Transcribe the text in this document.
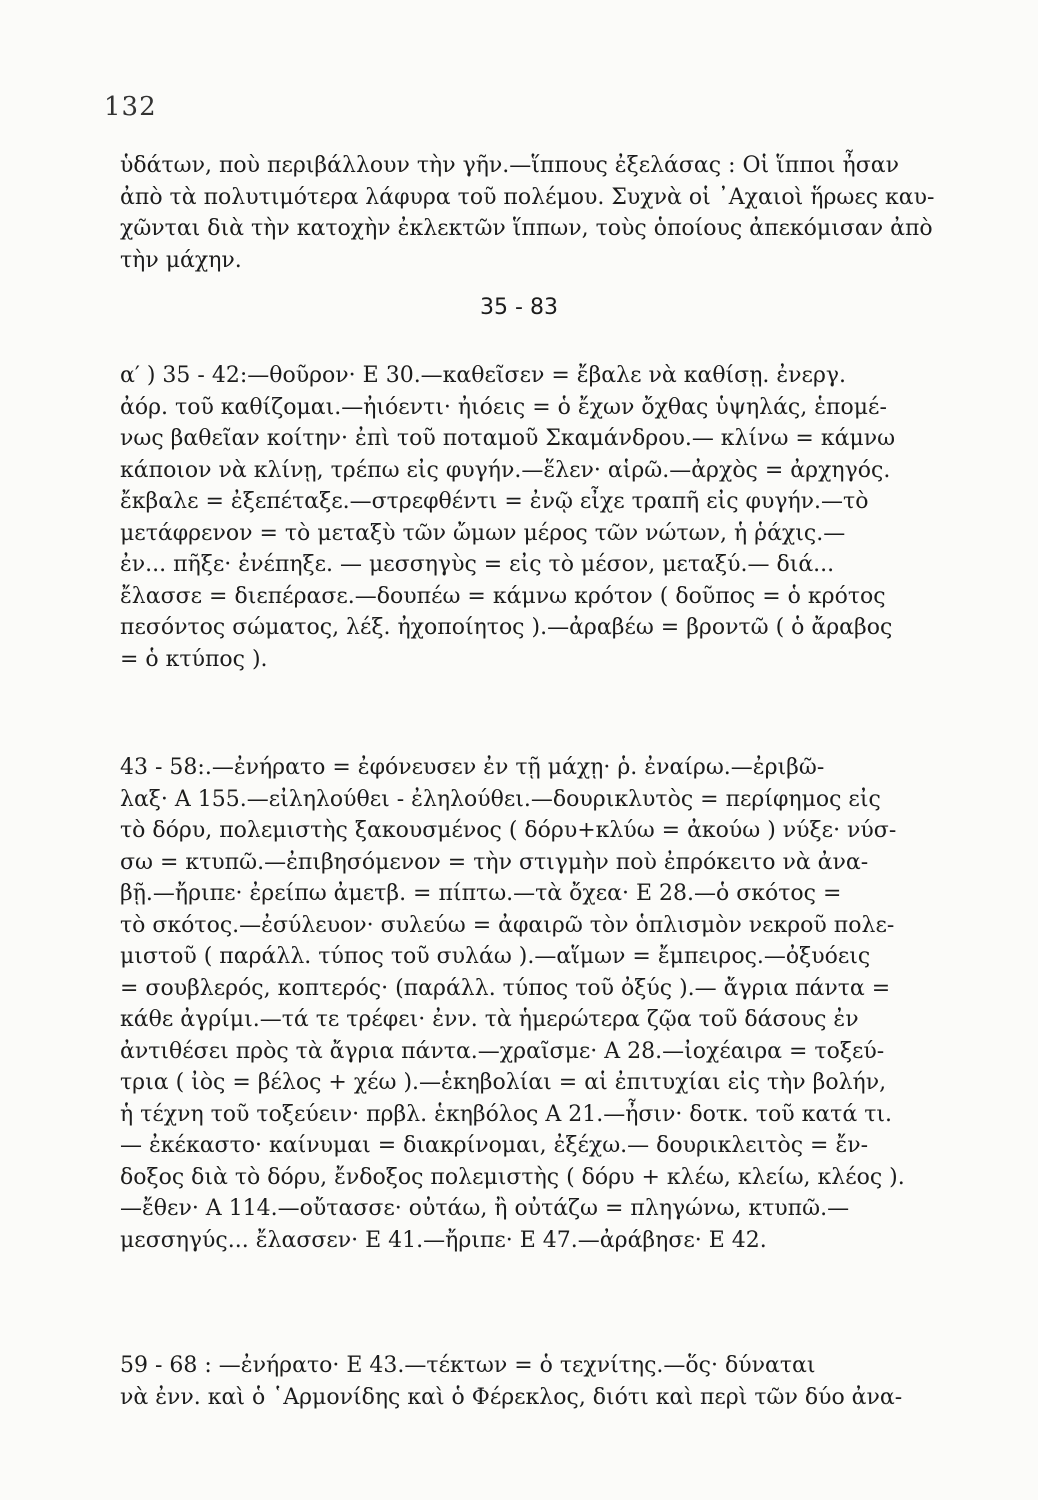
132
ὑδάτων, ποὺ περιβάλλουν τὴν γῆν.—ἵππους ἐξελάσας : Οἱ ἵπποι ἦσαν
ἀπὸ τὰ πολυτιμότερα λάφυρα τοῦ πολέμου. Συχνὰ οἱ ᾽Αχαιοὶ ἥρωες καυ-
χῶνται διὰ τὴν κατοχὴν ἐκλεκτῶν ἵππων, τοὺς ὁποίους ἀπεκόμισαν ἀπὸ
τὴν μάχην.
35 - 83
α′ ) 35 - 42:—θοῦρον· Ε 30.—καθεῖσεν = ἔβαλε νὰ καθίσῃ. ἐνεργ.
ἀόρ. τοῦ καθίζομαι.—ἠιόεντι· ἠιόεις = ὁ ἔχων ὄχθας ὑψηλάς, ἑπομέ-
νως βαθεῖαν κοίτην· ἐπὶ τοῦ ποταμοῦ Σκαμάνδρου.— κλίνω = κάμνω
κάποιον νὰ κλίνῃ, τρέπω εἰς φυγήν.—ἕλεν· αἱρῶ.—ἀρχὸς = ἀρχηγός.
ἔκβαλε = ἐξεπέταξε.—στρεφθέντι = ἐνῷ εἶχε τραπῆ εἰς φυγήν.—τὸ
μετάφρενον = τὸ μεταξὺ τῶν ὤμων μέρος τῶν νώτων, ἡ ῥάχις.—
ἐν... πῆξε· ἐνέπηξε. — μεσσηγὺς = εἰς τὸ μέσον, μεταξύ.— διά...
ἔλασσε = διεπέρασε.—δουπέω = κάμνω κρότον ( δοῦπος = ὁ κρότος
πεσόντος σώματος, λέξ. ἠχοποίητος ).—ἀραβέω = βροντῶ ( ὁ ἄραβος
= ὁ κτύπος ).
43 - 58:.—ἐνήρατο = ἐφόνευσεν ἐν τῇ μάχῃ· ῥ. ἐναίρω.—ἐριβῶ-
λαξ· Α 155.—εἰληλούθει - ἐληλούθει.—δουρικλυτὸς = περίφημος εἰς
τὸ δόρυ, πολεμιστὴς ξακουσμένος ( δόρυ+κλύω = ἀκούω ) νύξε· νύσ-
σω = κτυπῶ.—ἐπιβησόμενον = τὴν στιγμὴν ποὺ ἐπρόκειτο νὰ ἀνα-
βῇ.—ἤριπε· ἐρείπω ἀμετβ. = πίπτω.—τὰ ὄχεα· Ε 28.—ὁ σκότος =
τὸ σκότος.—ἐσύλευον· συλεύω = ἀφαιρῶ τὸν ὁπλισμὸν νεκροῦ πολε-
μιστοῦ ( παράλλ. τύπος τοῦ συλάω ).—αἵμων = ἔμπειρος.—ὀξυόεις
= σουβλερός, κοπτερός· (παράλλ. τύπος τοῦ ὀξύς ).— ἄγρια πάντα =
κάθε ἀγρίμι.—τά τε τρέφει· ἐνν. τὰ ἡμερώτερα ζῷα τοῦ δάσους ἐν
ἀντιθέσει πρὸς τὰ ἄγρια πάντα.—χραῖσμε· Α 28.—ἰοχέαιρα = τοξεύ-
τρια ( ἰὸς = βέλος + χέω ).—ἑκηβολίαι = αἱ ἐπιτυχίαι εἰς τὴν βολήν,
ἡ τέχνη τοῦ τοξεύειν· πρβλ. ἑκηβόλος Α 21.—ἦσιν· δοτκ. τοῦ κατά τι.
— ἐκέκαστο· καίνυμαι = διακρίνομαι, ἐξέχω.— δουρικλειτὸς = ἔν-
δοξος διὰ τὸ δόρυ, ἔνδοξος πολεμιστὴς ( δόρυ + κλέω, κλείω, κλέος ).
—ἔθεν· Α 114.—οὔτασσε· οὐτάω, ἢ οὐτάζω = πληγώνω, κτυπῶ.—
μεσσηγύς... ἔλασσεν· Ε 41.—ἤριπε· Ε 47.—ἀράβησε· Ε 42.
59 - 68 : —ἐνήρατο· Ε 43.—τέκτων = ὁ τεχνίτης.—ὅς· δύναται
νὰ ἐνν. καὶ ὁ ῾Αρμονίδης καὶ ὁ Φέρεκλος, διότι καὶ περὶ τῶν δύο ἀνα-
